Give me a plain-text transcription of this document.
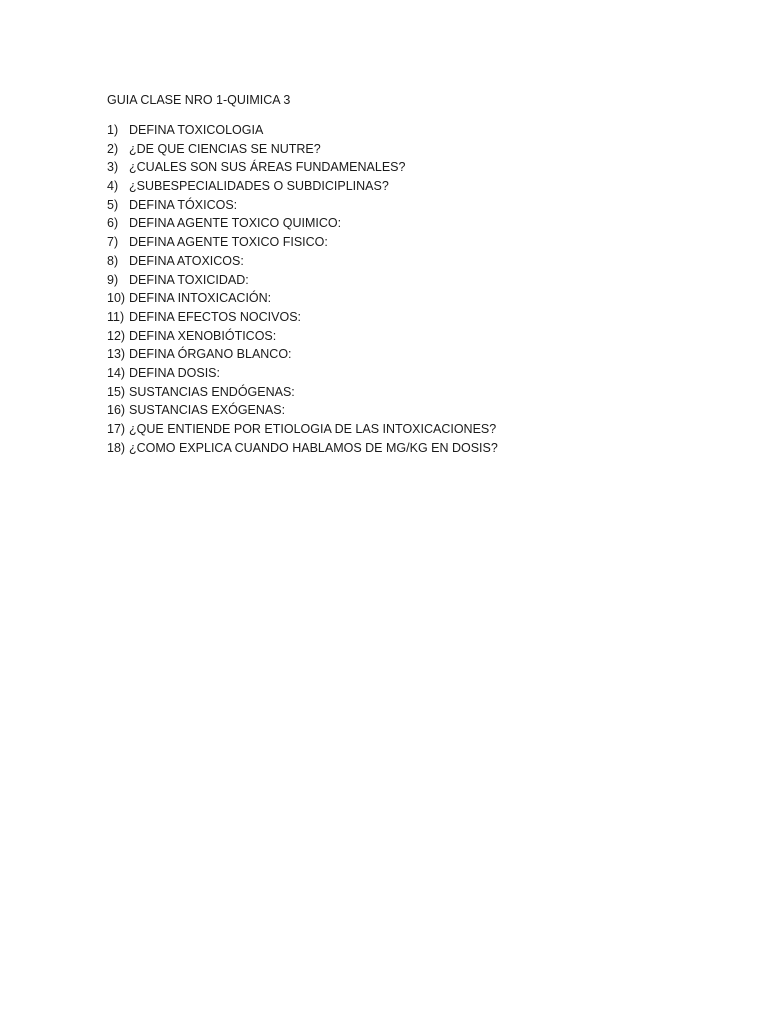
GUIA CLASE NRO 1-QUIMICA 3
1) DEFINA TOXICOLOGIA
2) ¿DE QUE CIENCIAS SE NUTRE?
3) ¿CUALES SON SUS ÁREAS FUNDAMENALES?
4) ¿SUBESPECIALIDADES O SUBDICIPLINAS?
5) DEFINA TÓXICOS:
6) DEFINA AGENTE TOXICO QUIMICO:
7) DEFINA AGENTE TOXICO FISICO:
8) DEFINA ATOXICOS:
9) DEFINA TOXICIDAD:
10) DEFINA INTOXICACIÓN:
11) DEFINA EFECTOS NOCIVOS:
12) DEFINA XENOBIÓTICOS:
13) DEFINA ÓRGANO BLANCO:
14) DEFINA DOSIS:
15) SUSTANCIAS ENDÓGENAS:
16) SUSTANCIAS EXÓGENAS:
17) ¿QUE ENTIENDE POR ETIOLOGIA DE LAS INTOXICACIONES?
18) ¿COMO EXPLICA CUANDO HABLAMOS DE MG/KG EN DOSIS?
